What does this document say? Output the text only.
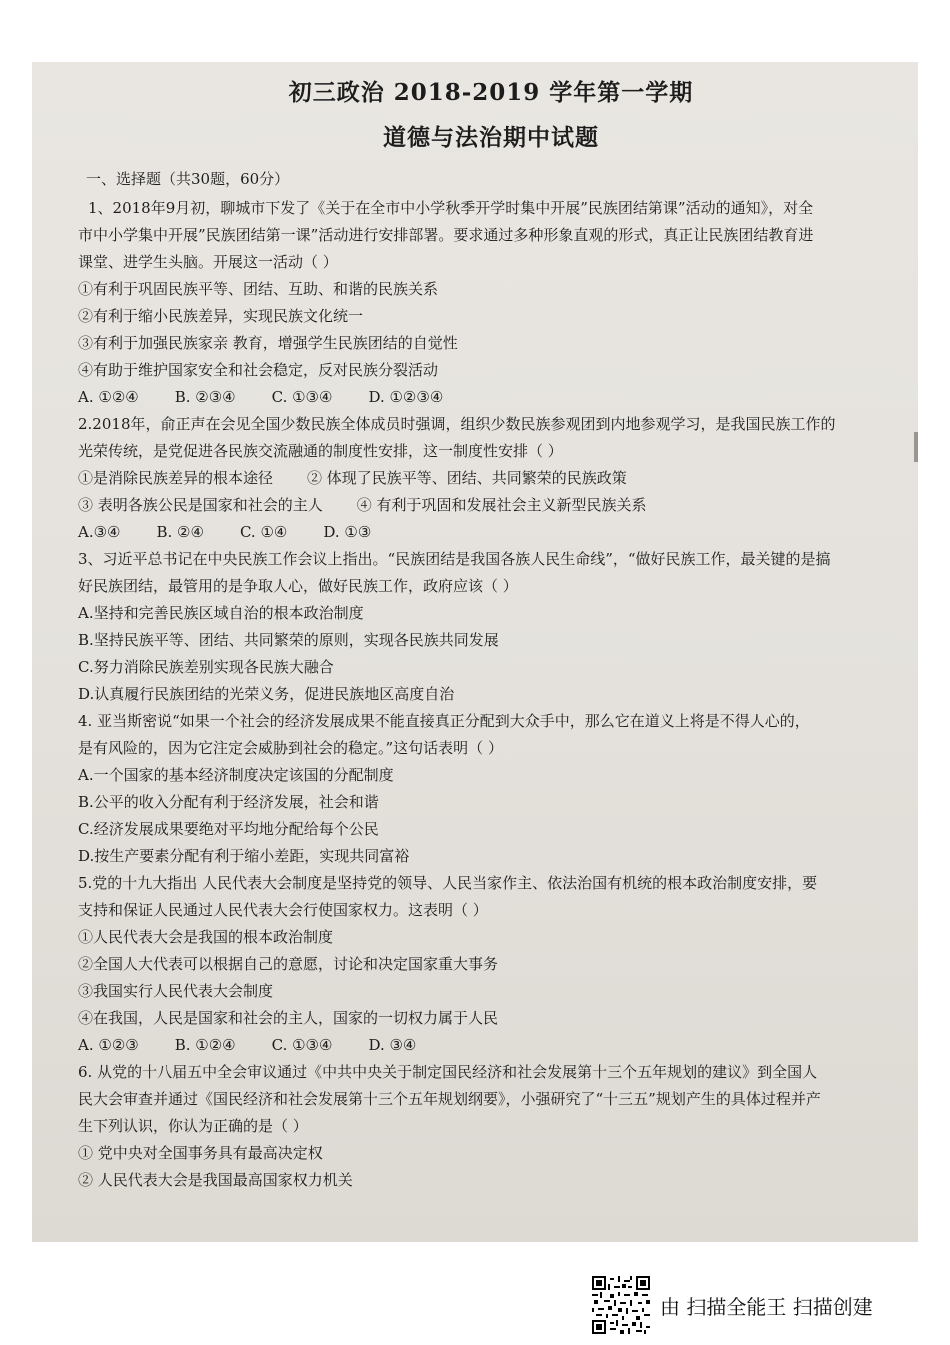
初三政治 2018-2019 学年第一学期
道德与法治期中试题
一、选择题（共30题，60分）

1、2018年9月初，聊城市下发了《关于在全市中小学秋季开学时集中开展”民族团结第课”活动的通知》，对全

市中小学集中开展”民族团结第一课”活动进行安排部署。要求通过多种形象直观的形式，真正让民族团结教育进

课堂、进学生头脑。开展这一活动（ ）

①有利于巩固民族平等、团结、互助、和谐的民族关系

②有利于缩小民族差异，实现民族文化统一

③有利于加强民族家亲 教育，增强学生民族团结的自觉性

④有助于维护国家安全和社会稳定，反对民族分裂活动

A. ①②④ B. ②③④ C. ①③④ D. ①②③④

2.2018年，俞正声在会见全国少数民族全体成员时强调，组织少数民族参观团到内地参观学习，是我国民族工作的

光荣传统，是党促进各民族交流融通的制度性安排，这一制度性安排（ ）

①是消除民族差异的根本途径 ② 体现了民族平等、团结、共同繁荣的民族政策
③ 表明各族公民是国家和社会的主人 ④ 有利于巩固和发展社会主义新型民族关系
A.③④ B. ②④ C. ①④ D. ①③

3、习近平总书记在中央民族工作会议上指出。“民族团结是我国各族人民生命线”，“做好民族工作，最关键的是搞

好民族团结，最管用的是争取人心，做好民族工作，政府应该（ ）

A.坚持和完善民族区域自治的根本政治制度

B.坚持民族平等、团结、共同繁荣的原则，实现各民族共同发展

C.努力消除民族差别实现各民族大融合

D.认真履行民族团结的光荣义务，促进民族地区高度自治

4. 亚当斯密说“如果一个社会的经济发展成果不能直接真正分配到大众手中，那么它在道义上将是不得人心的，

是有风险的，因为它注定会威胁到社会的稳定。”这句话表明（ ）

A.一个国家的基本经济制度决定该国的分配制度

B.公平的收入分配有利于经济发展，社会和谐

C.经济发展成果要绝对平均地分配给每个公民

D.按生产要素分配有利于缩小差距，实现共同富裕

5.党的十九大指出 人民代表大会制度是坚持党的领导、人民当家作主、依法治国有机统的根本政治制度安排，要

支持和保证人民通过人民代表大会行使国家权力。这表明（ ）

①人民代表大会是我国的根本政治制度

②全国人大代表可以根据自己的意愿，讨论和决定国家重大事务

③我国实行人民代表大会制度

④在我国，人民是国家和社会的主人，国家的一切权力属于人民

A. ①②③ B. ①②④ C. ①③④ D. ③④

6. 从党的十八届五中全会审议通过《中共中央关于制定国民经济和社会发展第十三个五年规划的建议》到全国人

民大会审查并通过《国民经济和社会发展第十三个五年规划纲要》，小强研究了“十三五”规划产生的具体过程并产

生下列认识，你认为正确的是（ ）

① 党中央对全国事务具有最高决定权

② 人民代表大会是我国最高国家权力机关

由 扫描全能王 扫描创建
